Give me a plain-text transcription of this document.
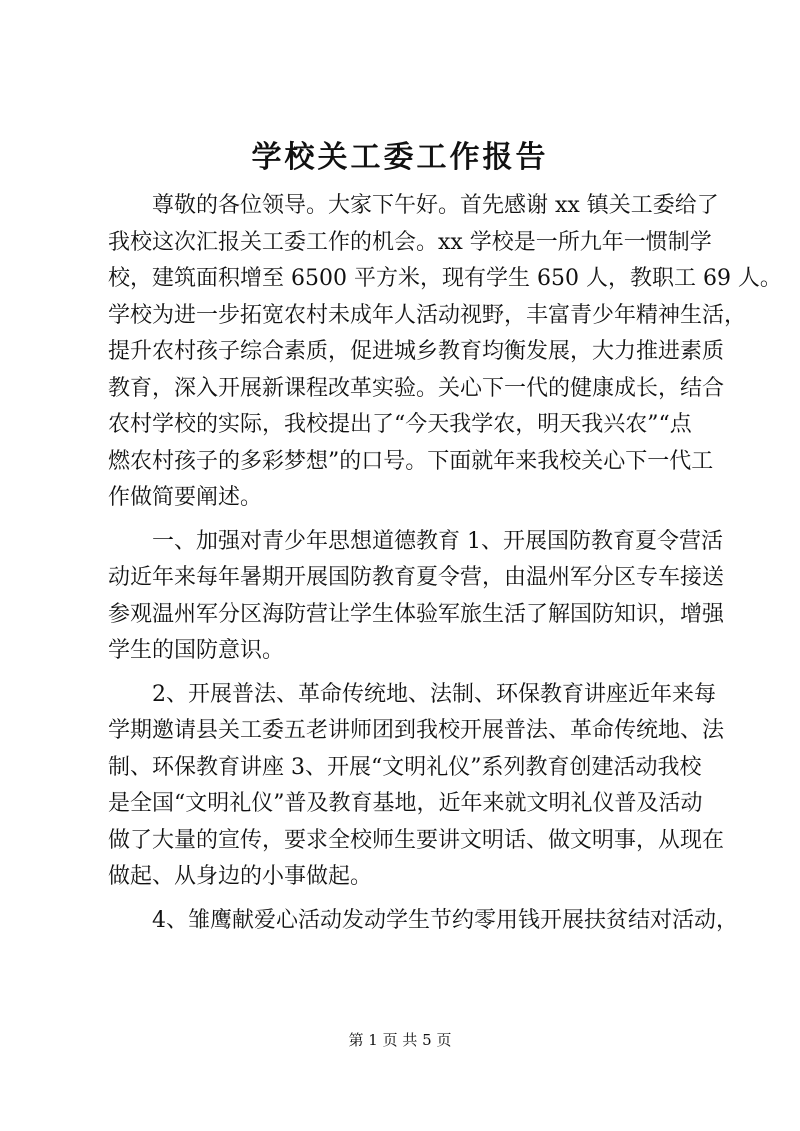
学校关工委工作报告
尊敬的各位领导。大家下午好。首先感谢 xx 镇关工委给了
我校这次汇报关工委工作的机会。xx 学校是一所九年一惯制学
校，建筑面积增至 6500 平方米，现有学生 650 人，教职工 69 人。
学校为进一步拓宽农村未成年人活动视野，丰富青少年精神生活，
提升农村孩子综合素质，促进城乡教育均衡发展，大力推进素质
教育，深入开展新课程改革实验。关心下一代的健康成长，结合
农村学校的实际，我校提出了“今天我学农，明天我兴农”“点
燃农村孩子的多彩梦想”的口号。下面就年来我校关心下一代工
作做简要阐述。
一、加强对青少年思想道德教育 1、开展国防教育夏令营活
动近年来每年暑期开展国防教育夏令营，由温州军分区专车接送
参观温州军分区海防营让学生体验军旅生活了解国防知识，增强
学生的国防意识。
2、开展普法、革命传统地、法制、环保教育讲座近年来每
学期邀请县关工委五老讲师团到我校开展普法、革命传统地、法
制、环保教育讲座 3、开展“文明礼仪”系列教育创建活动我校
是全国“文明礼仪”普及教育基地，近年来就文明礼仪普及活动
做了大量的宣传，要求全校师生要讲文明话、做文明事，从现在
做起、从身边的小事做起。
4、雏鹰献爱心活动发动学生节约零用钱开展扶贫结对活动，
第 1 页 共 5 页
